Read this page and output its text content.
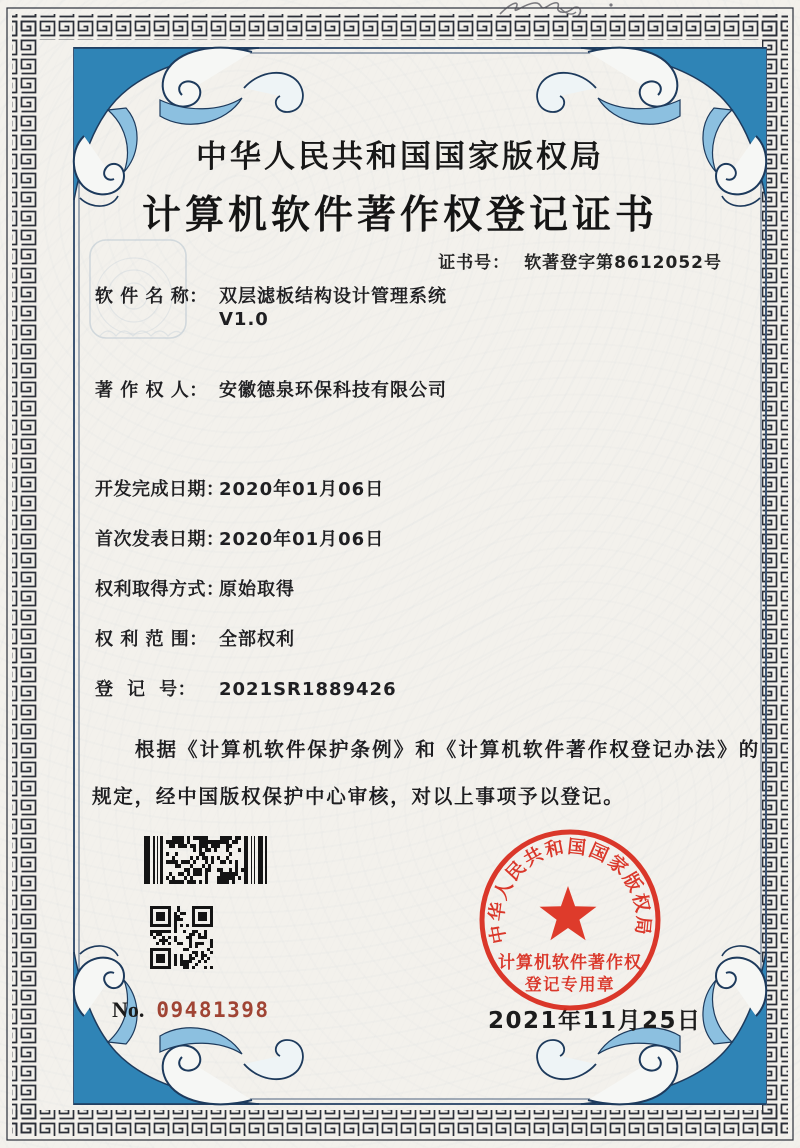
中华人民共和国国家版权局
计算机软件著作权登记证书
证书号： 软著登字第8612052号
软 件 名 称： 双层滤板结构设计管理系统
V1.0
著 作 权 人： 安徽德泉环保科技有限公司
开发完成日期：
2020年01月06日
首次发表日期：
2020年01月06日
权利取得方式：
原始取得
权 利 范 围： 全部权利
登  记  号：	2021SR1889426
根据《计算机软件保护条例》和《计算机软件著作权登记办法》的规定，经中国版权保护中心审核，对以上事项予以登记。
No. 09481398	2021年11月25日
中华人民共和国国家版权局
计算机软件著作权
登记专用章
